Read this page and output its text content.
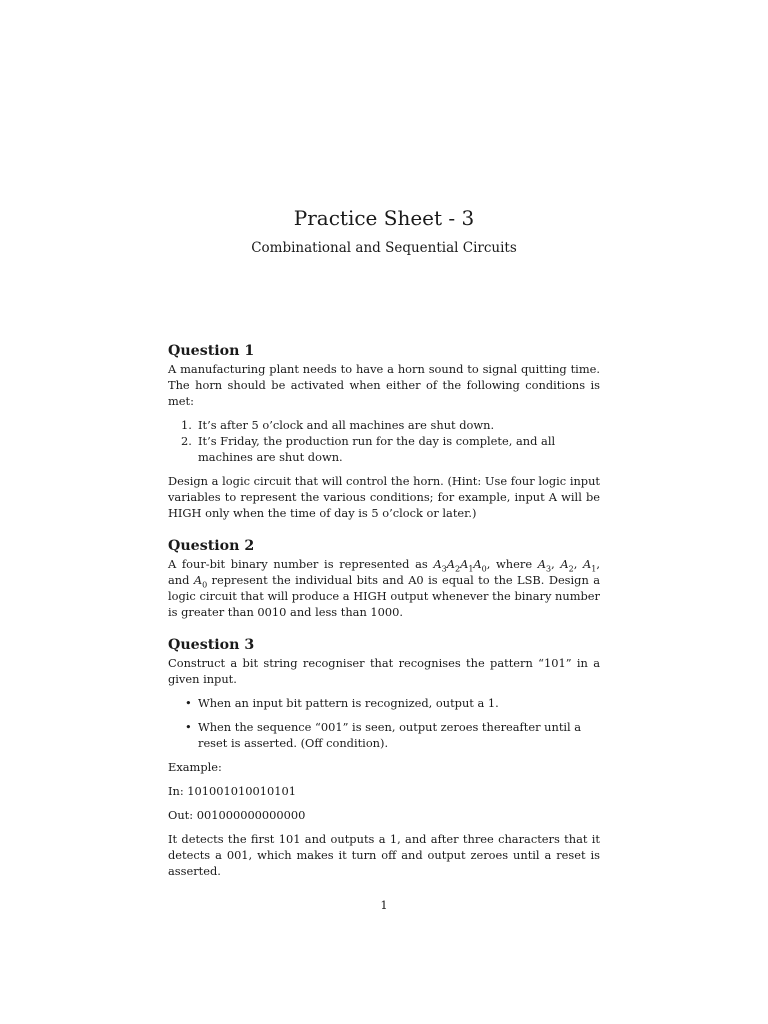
Practice Sheet - 3
Combinational and Sequential Circuits

Question 1

A manufacturing plant needs to have a horn sound to signal quitting time. The horn should be activated when either of the following conditions is met:

1. It’s after 5 o’clock and all machines are shut down.
2. It’s Friday, the production run for the day is complete, and all machines are shut down.

Design a logic circuit that will control the horn. (Hint: Use four logic input variables to represent the various conditions; for example, input A will be HIGH only when the time of day is 5 o’clock or later.)

Question 2

A four-bit binary number is represented as $A_3A_2A_1A_0$, where $A_3$, $A_2$, $A_1$, and $A_0$ represent the individual bits and A0 is equal to the LSB. Design a logic circuit that will produce a HIGH output whenever the binary number is greater than 0010 and less than 1000.

Question 3

Construct a bit string recogniser that recognises the pattern “101” in a given input.

• When an input bit pattern is recognized, output a 1.
• When the sequence “001” is seen, output zeroes thereafter until a reset is asserted. (Off condition).

Example:

In: 101001010010101

Out: 001000000000000

It detects the first 101 and outputs a 1, and after three characters that it detects a 001, which makes it turn off and output zeroes until a reset is asserted.

1
